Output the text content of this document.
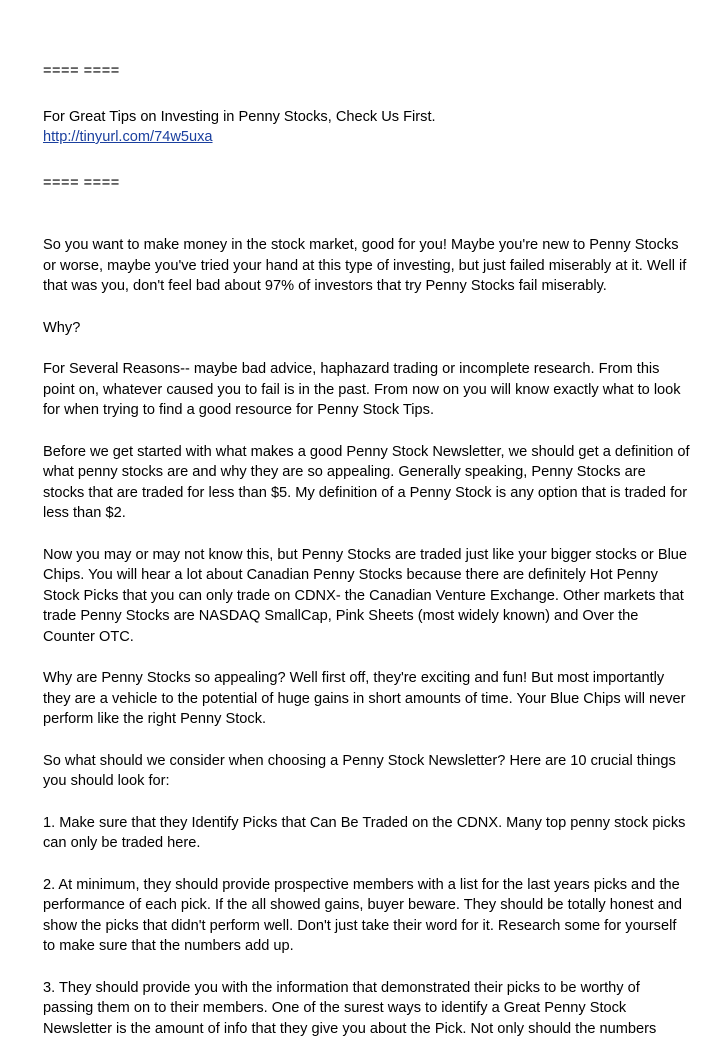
==== ====
For Great Tips on Investing in Penny Stocks, Check Us First.
http://tinyurl.com/74w5uxa
==== ====

So you want to make money in the stock market, good for you! Maybe you're new to Penny Stocks or worse, maybe you've tried your hand at this type of investing, but just failed miserably at it. Well if that was you, don't feel bad about 97% of investors that try Penny Stocks fail miserably.

Why?

For Several Reasons-- maybe bad advice, haphazard trading or incomplete research. From this point on, whatever caused you to fail is in the past. From now on you will know exactly what to look for when trying to find a good resource for Penny Stock Tips.

Before we get started with what makes a good Penny Stock Newsletter, we should get a definition of what penny stocks are and why they are so appealing. Generally speaking, Penny Stocks are stocks that are traded for less than $5. My definition of a Penny Stock is any option that is traded for less than $2.

Now you may or may not know this, but Penny Stocks are traded just like your bigger stocks or Blue Chips. You will hear a lot about Canadian Penny Stocks because there are definitely Hot Penny Stock Picks that you can only trade on CDNX- the Canadian Venture Exchange. Other markets that trade Penny Stocks are NASDAQ SmallCap, Pink Sheets (most widely known) and Over the Counter OTC.

Why are Penny Stocks so appealing? Well first off, they're exciting and fun! But most importantly they are a vehicle to the potential of huge gains in short amounts of time. Your Blue Chips will never perform like the right Penny Stock.

So what should we consider when choosing a Penny Stock Newsletter? Here are 10 crucial things you should look for:

1. Make sure that they Identify Picks that Can Be Traded on the CDNX. Many top penny stock picks can only be traded here.

2. At minimum, they should provide prospective members with a list for the last years picks and the performance of each pick. If the all showed gains, buyer beware. They should be totally honest and show the picks that didn't perform well. Don't just take their word for it. Research some for yourself to make sure that the numbers add up.

3. They should provide you with the information that demonstrated their picks to be worthy of passing them on to their members. One of the surest ways to identify a Great Penny Stock Newsletter is the amount of info that they give you about the Pick. Not only should the numbers
